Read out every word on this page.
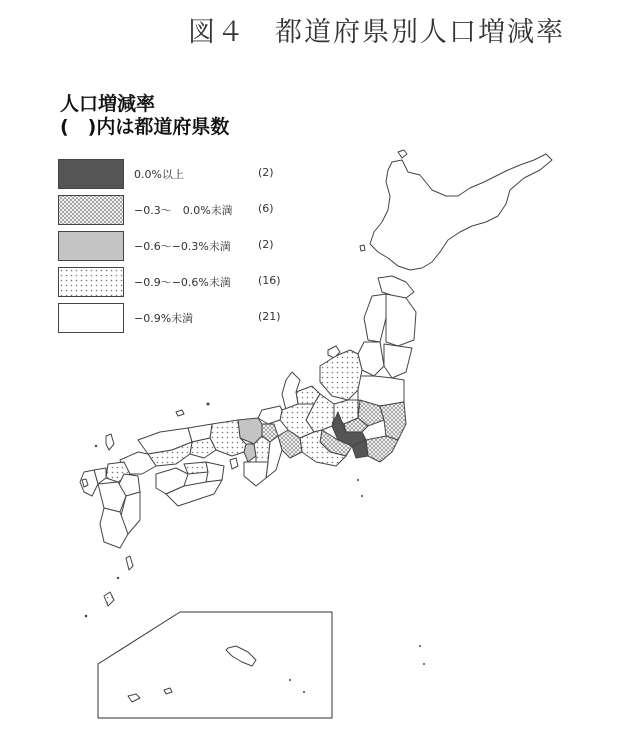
図４　都道府県別人口増減率
人口増減率
(　)内は都道府県数
0.0%以上	(2)
−0.3〜　0.0%未満 (6)
−0.6〜−0.3%未満 (2)
−0.9〜−0.6%未満 (16)
−0.9%未満	(21)
